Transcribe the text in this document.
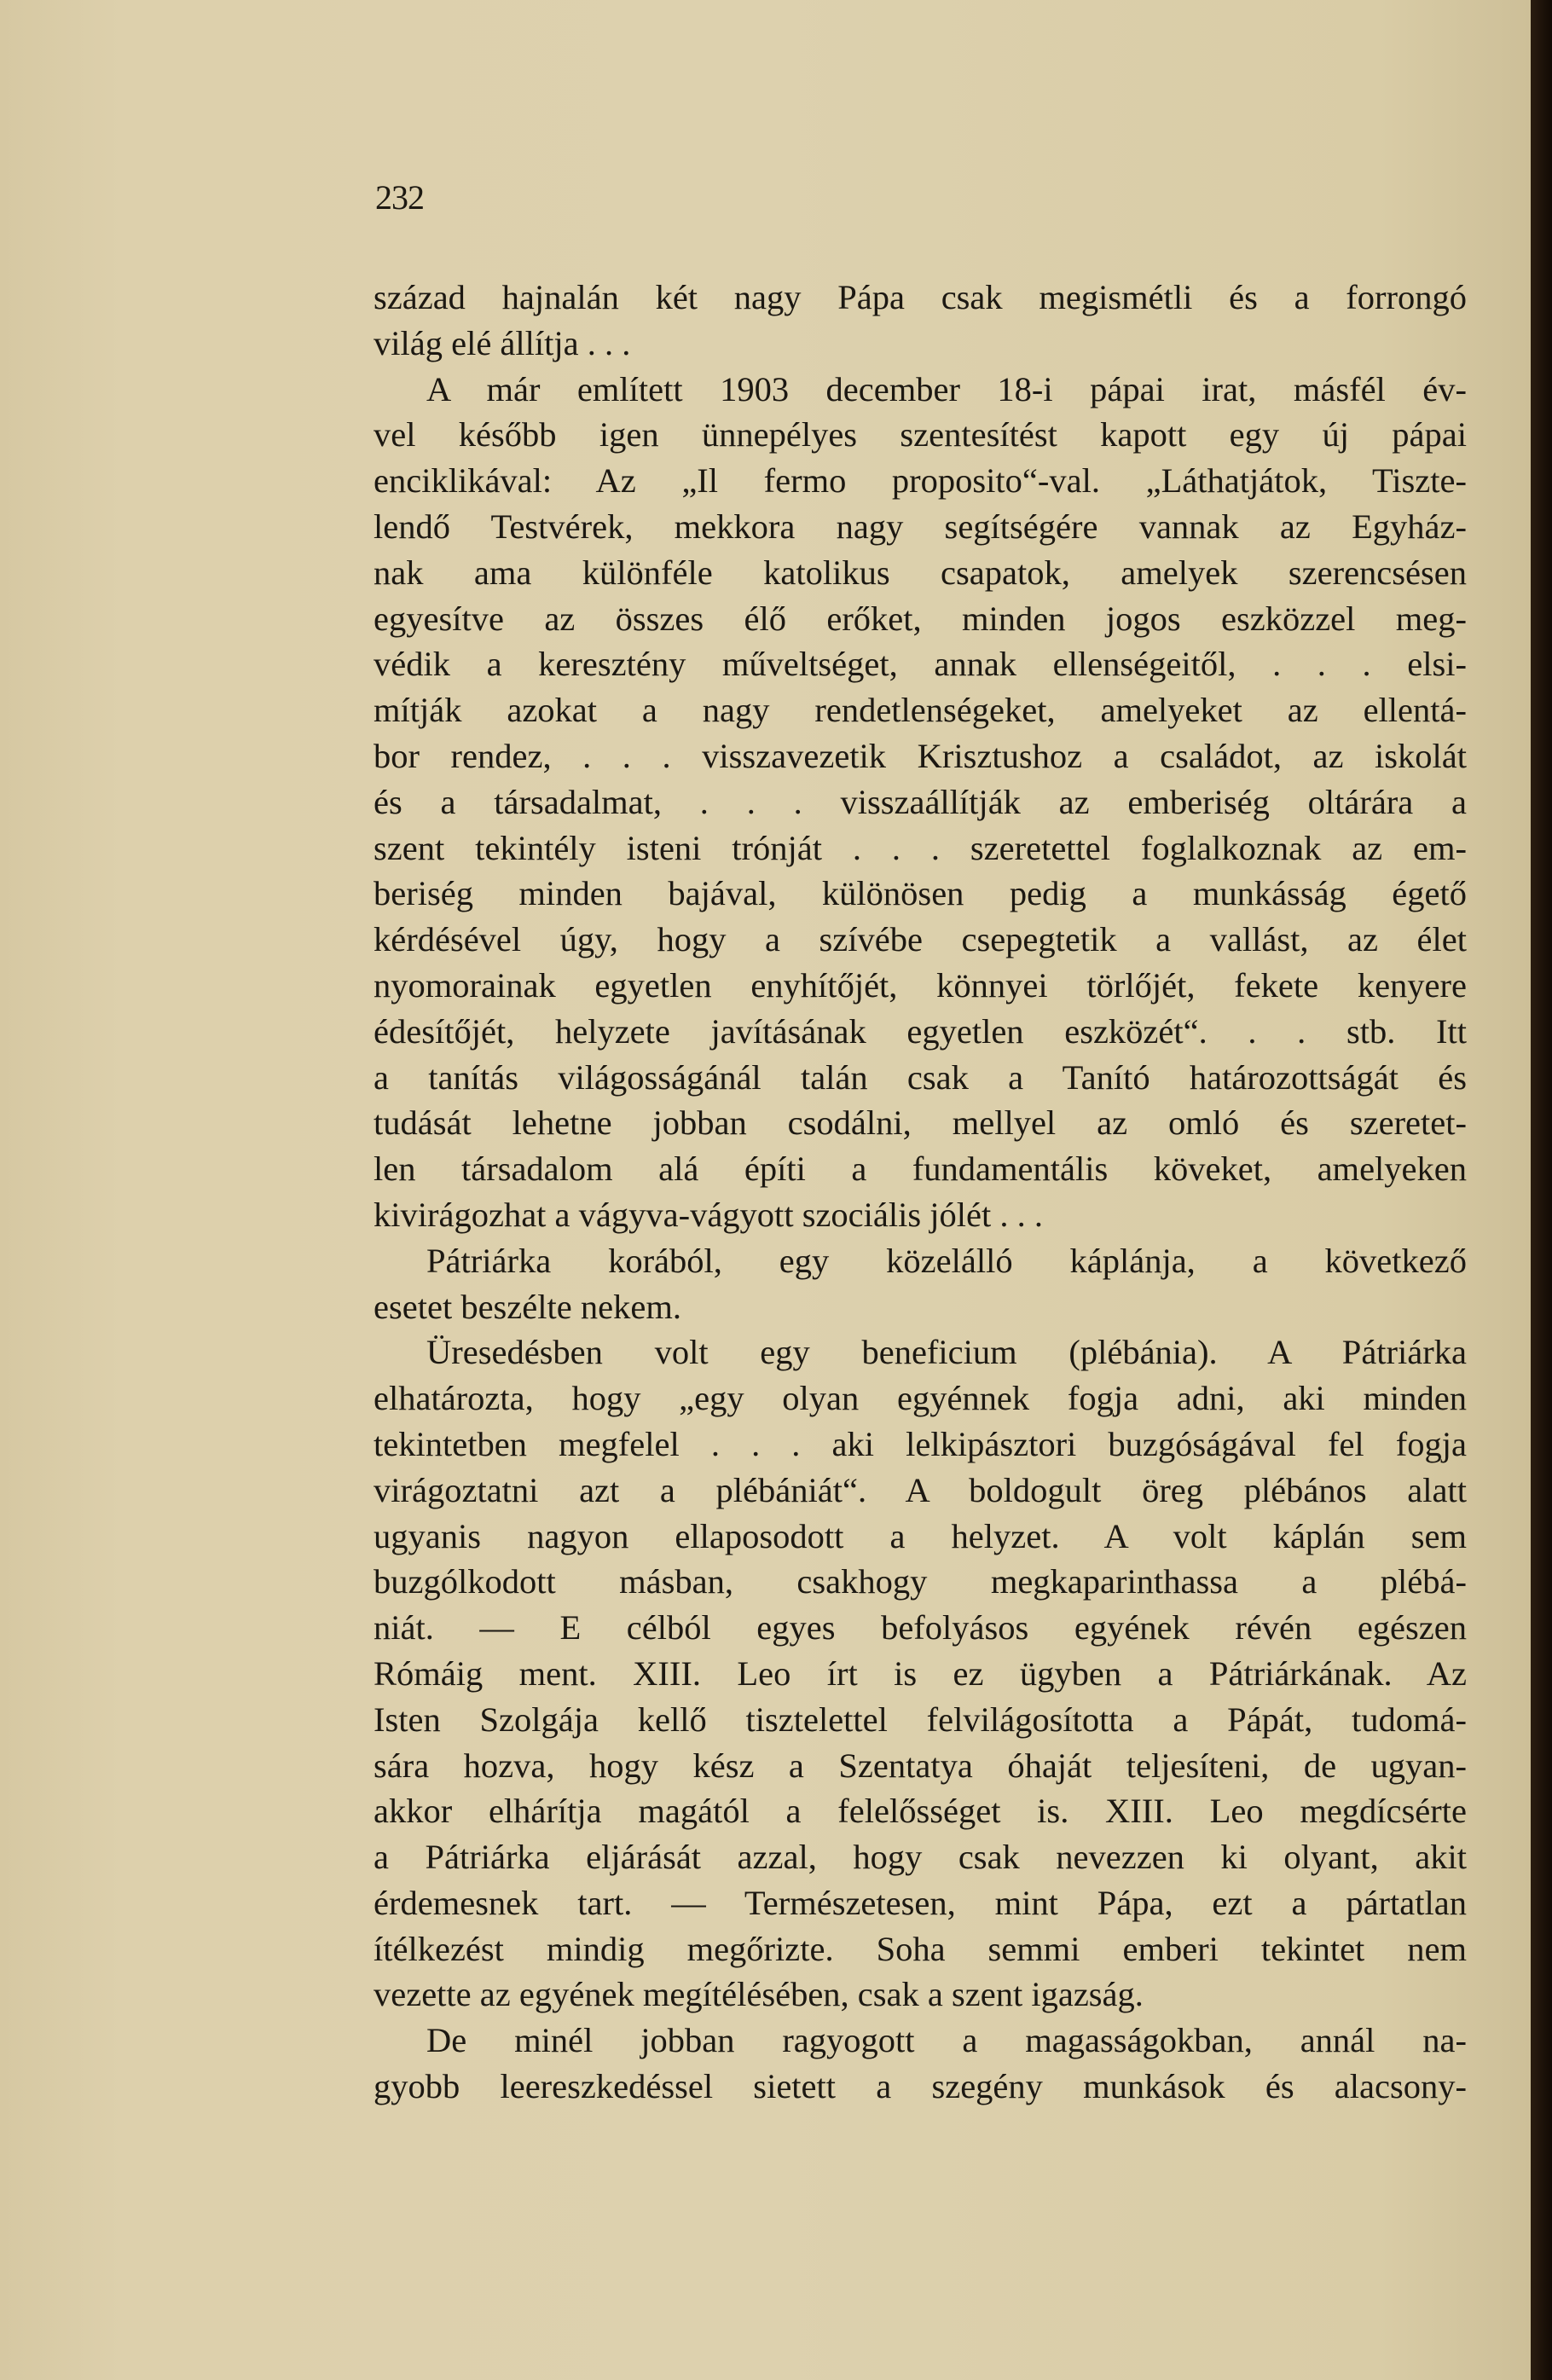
232
század hajnalán két nagy Pápa csak megismétli és a forrongó
világ elé állítja . . .
A már említett 1903 december 18-i pápai irat, másfél év-
vel később igen ünnepélyes szentesítést kapott egy új pápai
enciklikával: Az „Il fermo proposito“-val. „Láthatjátok, Tiszte-
lendő Testvérek, mekkora nagy segítségére vannak az Egyház-
nak ama különféle katolikus csapatok, amelyek szerencsésen
egyesítve az összes élő erőket, minden jogos eszközzel meg-
védik a keresztény műveltséget, annak ellenségeitől, . . . elsi-
mítják azokat a nagy rendetlenségeket, amelyeket az ellentá-
bor rendez, . . . visszavezetik Krisztushoz a családot, az iskolát
és a társadalmat, . . . visszaállítják az emberiség oltárára a
szent tekintély isteni trónját . . . szeretettel foglalkoznak az em-
beriség minden bajával, különösen pedig a munkásság égető
kérdésével úgy, hogy a szívébe csepegtetik a vallást, az élet
nyomorainak egyetlen enyhítőjét, könnyei törlőjét, fekete kenyere
édesítőjét, helyzete javításának egyetlen eszközét“. . . stb. Itt
a tanítás világosságánál talán csak a Tanító határozottságát és
tudását lehetne jobban csodálni, mellyel az omló és szeretet-
len társadalom alá építi a fundamentális köveket, amelyeken
kivirágozhat a vágyva-vágyott szociális jólét . . .
Pátriárka korából, egy közelálló káplánja, a következő
esetet beszélte nekem.
Üresedésben volt egy beneficium (plébánia). A Pátriárka
elhatározta, hogy „egy olyan egyénnek fogja adni, aki minden
tekintetben megfelel . . . aki lelkipásztori buzgóságával fel fogja
virágoztatni azt a plébániát“. A boldogult öreg plébános alatt
ugyanis nagyon ellaposodott a helyzet. A volt káplán sem
buzgólkodott másban, csakhogy megkaparinthassa a plébá-
niát. — E célból egyes befolyásos egyének révén egészen
Rómáig ment. XIII. Leo írt is ez ügyben a Pátriárkának. Az
Isten Szolgája kellő tisztelettel felvilágosította a Pápát, tudomá-
sára hozva, hogy kész a Szentatya óhaját teljesíteni, de ugyan-
akkor elhárítja magától a felelősséget is. XIII. Leo megdícsérte
a Pátriárka eljárását azzal, hogy csak nevezzen ki olyant, akit
érdemesnek tart. — Természetesen, mint Pápa, ezt a pártatlan
ítélkezést mindig megőrizte. Soha semmi emberi tekintet nem
vezette az egyének megítélésében, csak a szent igazság.
De minél jobban ragyogott a magasságokban, annál na-
gyobb leereszkedéssel sietett a szegény munkások és alacsony-
